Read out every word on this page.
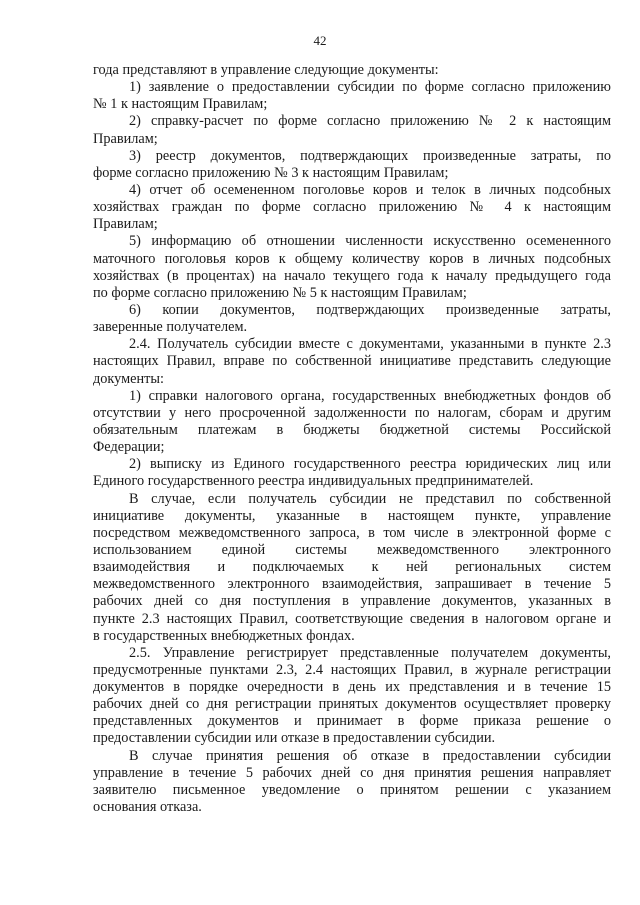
42
года представляют в управление следующие документы:
1) заявление о предоставлении субсидии по форме согласно приложению
№ 1 к настоящим Правилам;
2) справку-расчет по форме согласно приложению № 2 к настоящим
Правилам;
3) реестр документов, подтверждающих произведенные затраты, по
форме согласно приложению № 3 к настоящим Правилам;
4) отчет об осемененном поголовье коров и телок в личных подсобных
хозяйствах граждан по форме согласно приложению № 4 к настоящим
Правилам;
5) информацию об отношении численности искусственно осемененного
маточного поголовья коров к общему количеству коров в личных подсобных
хозяйствах (в процентах) на начало текущего года к началу предыдущего года
по форме согласно приложению № 5 к настоящим Правилам;
6) копии документов, подтверждающих произведенные затраты,
заверенные получателем.
2.4. Получатель субсидии вместе с документами, указанными в пункте 2.3
настоящих Правил, вправе по собственной инициативе представить следующие
документы:
1) справки налогового органа, государственных внебюджетных фондов об
отсутствии у него просроченной задолженности по налогам, сборам и другим
обязательным платежам в бюджеты бюджетной системы Российской
Федерации;
2) выписку из Единого государственного реестра юридических лиц или
Единого государственного реестра индивидуальных предпринимателей.
В случае, если получатель субсидии не представил по собственной
инициативе документы, указанные в настоящем пункте, управление
посредством межведомственного запроса, в том числе в электронной форме с
использованием единой системы межведомственного электронного
взаимодействия и подключаемых к ней региональных систем
межведомственного электронного взаимодействия, запрашивает в течение 5
рабочих дней со дня поступления в управление документов, указанных в
пункте 2.3 настоящих Правил, соответствующие сведения в налоговом органе и
в государственных внебюджетных фондах.
2.5. Управление регистрирует представленные получателем документы,
предусмотренные пунктами 2.3, 2.4 настоящих Правил, в журнале регистрации
документов в порядке очередности в день их представления и в течение 15
рабочих дней со дня регистрации принятых документов осуществляет проверку
представленных документов и принимает в форме приказа решение о
предоставлении субсидии или отказе в предоставлении субсидии.
В случае принятия решения об отказе в предоставлении субсидии
управление в течение 5 рабочих дней со дня принятия решения направляет
заявителю письменное уведомление о принятом решении с указанием
основания отказа.
